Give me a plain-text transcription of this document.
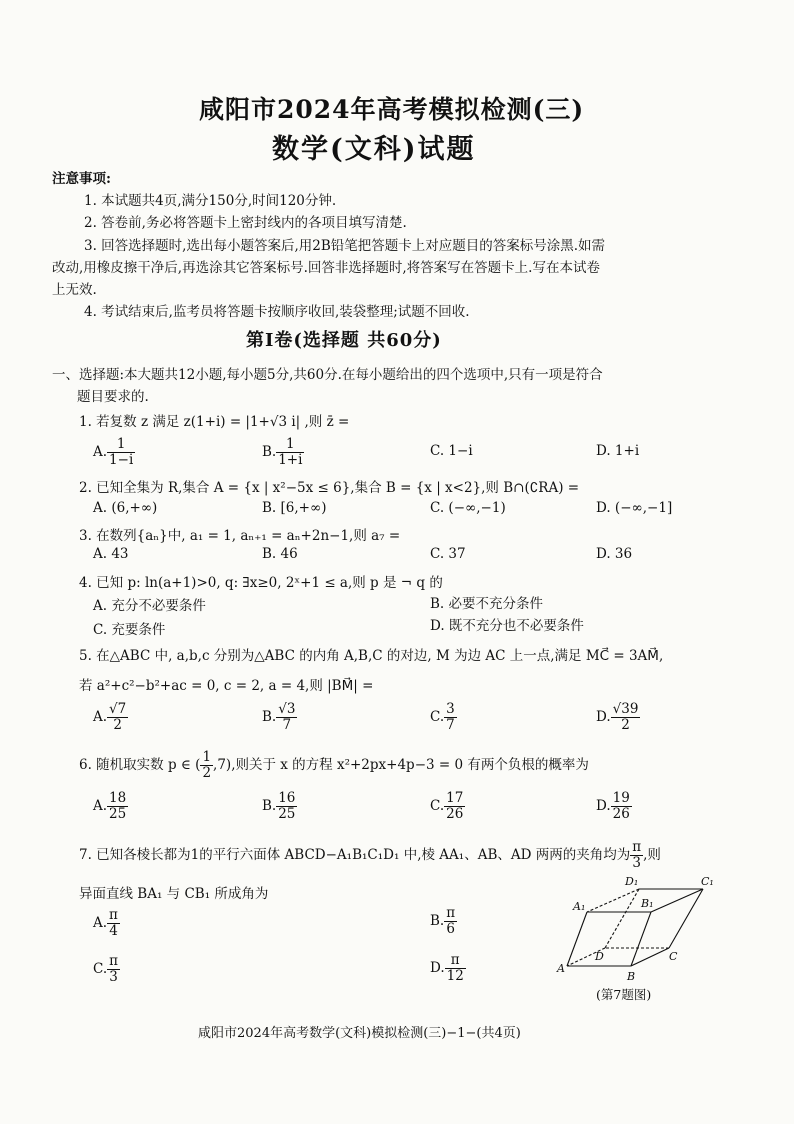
咸阳市2024年高考模拟检测(三)
数学(文科)试题
注意事项:
1. 本试题共4页,满分150分,时间120分钟.
2. 答卷前,务必将答题卡上密封线内的各项目填写清楚.
3. 回答选择题时,选出每小题答案后,用2B铅笔把答题卡上对应题目的答案标号涂黑.如需
改动,用橡皮擦干净后,再选涂其它答案标号.回答非选择题时,将答案写在答题卡上.写在本试卷
上无效.
4. 考试结束后,监考员将答题卡按顺序收回,装袋整理;试题不回收.
第Ⅰ卷(选择题 共60分)
一、选择题:本大题共12小题,每小题5分,共60分.在每小题给出的四个选项中,只有一项是符合
题目要求的.
1. 若复数 z 满足 z(1+i) = |1+√3 i| ,则 z̄ =
A. $\frac{1}{1-i}$	B. $\frac{1}{1+i}$	C. 1−i	D. 1+i
2. 已知全集为 R,集合 A = {x | x²−5x ≤ 6},集合 B = {x | x<2},则 B∩(∁RA) =
A. (6,+∞)	B. [6,+∞)	C. (−∞,−1)	D. (−∞,−1]
3. 在数列{aₙ}中, a₁ = 1, aₙ₊₁ = aₙ+2n−1,则 a₇ =
A. 43	B. 46	C. 37	D. 36
4. 已知 p: ln(a+1)>0, q: ∃x≥0, 2ˣ+1 ≤ a,则 p 是 ¬ q 的
A. 充分不必要条件	B. 必要不充分条件
C. 充要条件	D. 既不充分也不必要条件
5. 在△ABC 中, a,b,c 分别为△ABC 的内角 A,B,C 的对边, M 为边 AC 上一点,满足 MC⃗ = 3AM⃗,
若 a²+c²−b²+ac = 0, c = 2, a = 4,则 |BM⃗| =
A. $\frac{√7}{2}$	B. $\frac{√3}{7}$	C. $\frac{3}{7}$	D. $\frac{√39}{2}$
6. 随机取实数 p ∈ ( $\frac{1}{2} ,7$),则关于 x 的方程 x²+2px+4p−3 = 0 有两个负根的概率为
A. $\frac{18}{25}$	B. $\frac{16}{25}$	C. $\frac{17}{26}$	D. $\frac{19}{26}$
7. 已知各棱长都为1的平行六面体 ABCD−A₁B₁C₁D₁ 中,棱 AA₁、AB、AD 两两的夹角均为 $\frac{\pi}{3}$ ,则
异面直线 BA₁ 与 CB₁ 所成角为
A. $\frac{\pi}{4}$	B. $\frac{\pi}{6}$
C. $\frac{\pi}{3}$	D. $\frac{\pi}{12}$
D₁	C₁
A₁	B₁
D	C
A
B
(第7题图)
咸阳市2024年高考数学(文科)模拟检测(三)−1−(共4页)
